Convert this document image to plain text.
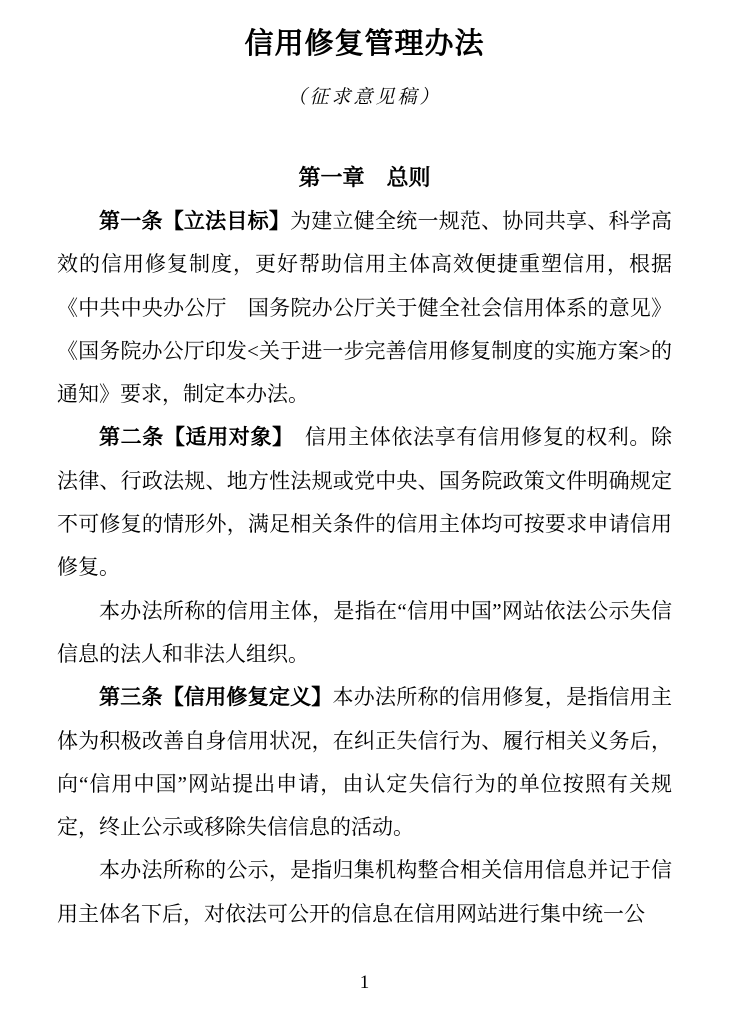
信用修复管理办法
（征求意见稿）
第一章　总则

第一条【立法目标】为建立健全统一规范、协同共享、科学高效的信用修复制度，更好帮助信用主体高效便捷重塑信用，根据《中共中央办公厅　国务院办公厅关于健全社会信用体系的意见》《国务院办公厅印发<关于进一步完善信用修复制度的实施方案>的通知》要求，制定本办法。

第二条【适用对象】　信用主体依法享有信用修复的权利。除法律、行政法规、地方性法规或党中央、国务院政策文件明确规定不可修复的情形外，满足相关条件的信用主体均可按要求申请信用修复。

本办法所称的信用主体，是指在“信用中国”网站依法公示失信信息的法人和非法人组织。

第三条【信用修复定义】本办法所称的信用修复，是指信用主体为积极改善自身信用状况，在纠正失信行为、履行相关义务后，向“信用中国”网站提出申请，由认定失信行为的单位按照有关规定，终止公示或移除失信信息的活动。

本办法所称的公示，是指归集机构整合相关信用信息并记于信用主体名下后，对依法可公开的信息在信用网站进行集中统一公

1
